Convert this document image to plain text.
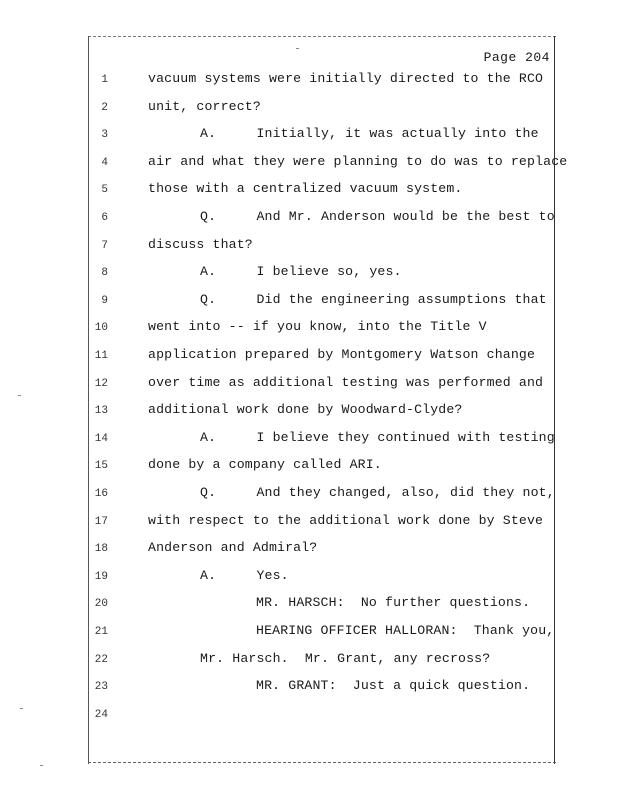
Page 204
1	vacuum systems were initially directed to the RCO
2	unit, correct?
3	A.     Initially, it was actually into the
4	air and what they were planning to do was to replace
5	those with a centralized vacuum system.
6	Q.     And Mr. Anderson would be the best to
7	discuss that?
8	A.     I believe so, yes.
9	Q.     Did the engineering assumptions that
10	went into -- if you know, into the Title V
11	application prepared by Montgomery Watson change
12	over time as additional testing was performed and
13	additional work done by Woodward-Clyde?
14	A.     I believe they continued with testing
15	done by a company called ARI.
16	Q.     And they changed, also, did they not,
17	with respect to the additional work done by Steve
18	Anderson and Admiral?
19	A.     Yes.
20	MR. HARSCH:  No further questions.
21	HEARING OFFICER HALLORAN:  Thank you,
22	Mr. Harsch.  Mr. Grant, any recross?
23	MR. GRANT:  Just a quick question.
24
